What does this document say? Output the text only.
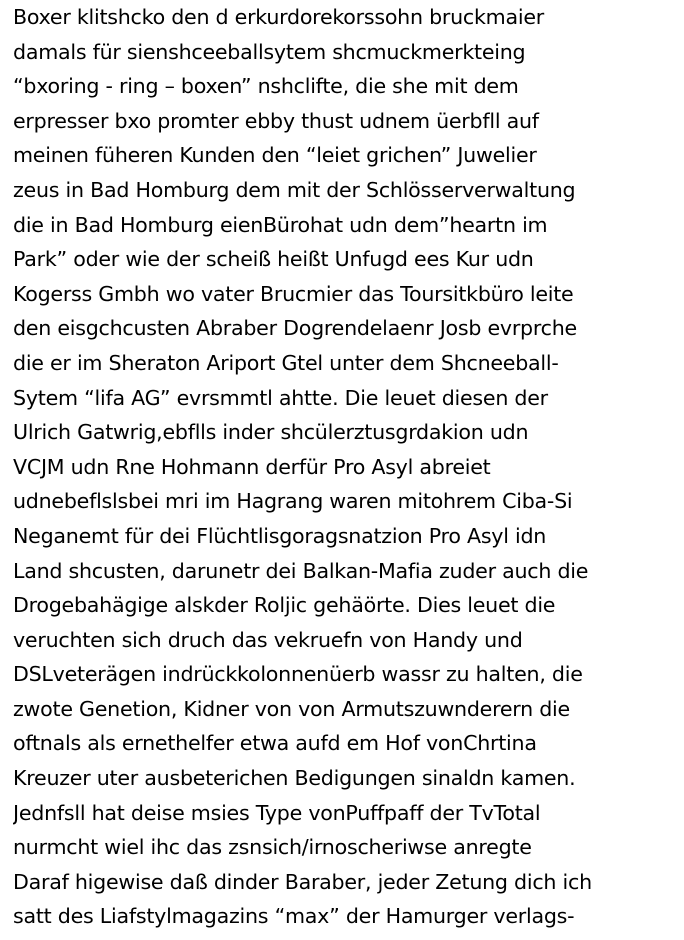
Boxer klitshcko den d erkurdorekorssohn bruckmaier
damals für sienshceeballsytem shcmuckmerkteing
“bxoring - ring – boxen” nshclifte, die she mit dem
erpresser bxo promter ebby thust udnem üerbfll auf
meinen füheren Kunden den “leiet grichen” Juwelier
zeus in Bad Homburg dem mit der Schlösserverwaltung
die in Bad Homburg eienBürohat udn dem”heartn im
Park” oder wie der scheiß heißt Unfugd ees Kur udn
Kogerss Gmbh wo vater Brucmier das Toursitkbüro leite
den eisgchcusten Abraber Dogrendelaenr Josb evrprche
die er im Sheraton Ariport Gtel unter dem Shcneeball-
Sytem “lifa AG” evrsmmtl ahtte. Die leuet diesen der
Ulrich Gatwrig,ebflls inder shcülerztusgrdakion udn
VCJM udn Rne Hohmann derfür Pro Asyl abreiet
udnebeflslsbei mri im Hagrang waren mitohrem Ciba-Si
Neganemt für dei Flüchtlisgoragsnatzion Pro Asyl idn
Land shcusten, darunetr dei Balkan-Mafia zuder auch die
Drogebahägige alskder Roljic gehäörte. Dies leuet die
veruchten sich druch das vekruefn von Handy und
DSLveterägen indrückkolonnenüerb wassr zu halten, die
zwote Genetion, Kidner von von Armutszuwnderern die
oftnals als ernethelfer etwa aufd em Hof vonChrtina
Kreuzer uter ausbeterichen Bedigungen sinaldn kamen.
Jednfsll hat deise msies Type vonPuffpaff der TvTotal
nurmcht wiel ihc das zsnsich/irnoscheriwse anregte
Daraf higewise daß dinder Baraber, jeder Zetung dich ich
satt des Liafstylmagazins “max” der Hamurger verlags-
